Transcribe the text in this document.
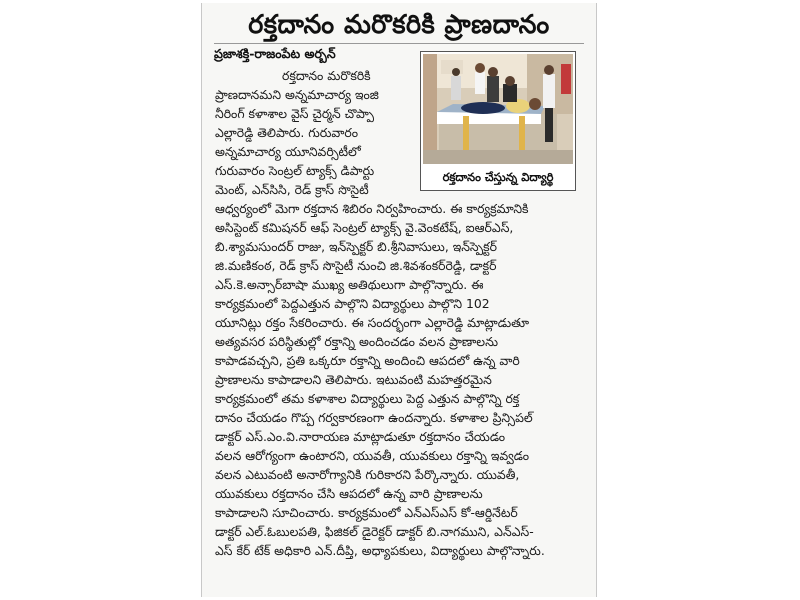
రక్తదానం మరొకరికి ప్రాణదానం
ప్రజాశక్తి-రాజంపేట అర్బన్
రక్తదానం చేస్తున్న విద్యార్థి
రక్తదానం మరొకరికి
ప్రాణదానమని అన్నమాచార్య ఇంజి
నీరింగ్ కళాశాల వైస్ చైర్మన్ చొప్పా
ఎల్లారెడ్డి తెలిపారు. గురువారం
అన్నమాచార్య యూనివర్సిటీలో
గురువారం సెంట్రల్ ట్యాక్స్ డిపార్టు
మెంట్, ఎన్‌సిసి, రెడ్ క్రాస్ సొసైటీ
ఆధ్వర్యంలో మెగా రక్తదాన శిబిరం నిర్వహించారు. ఈ కార్యక్రమానికి
అసిస్టెంట్ కమిషనర్ ఆఫ్ సెంట్రల్ ట్యాక్స్ వై.వెంకటేష్, ఐఆర్ఎస్,
బి.శ్యామసుందర్ రాజు, ఇన్‌స్పెక్టర్ బి.శ్రీనివాసులు, ఇన్‌స్పెక్టర్
జి.మణికంఠ, రెడ్ క్రాస్ సొసైటీ నుంచి జి.శివశంకర్‌రెడ్డి, డాక్టర్
ఎస్.కె.అన్సార్‌బాషా ముఖ్య అతిథులుగా పాల్గొన్నారు. ఈ
కార్యక్రమంలో పెద్దఎత్తున పాల్గొని విద్యార్థులు పాల్గొని 102
యూనిట్లు రక్తం సేకరించారు. ఈ సందర్భంగా ఎల్లారెడ్డి మాట్లాడుతూ
అత్యవసర పరిస్థితుల్లో రక్తాన్ని అందించడం వలన ప్రాణాలను
కాపాడవచ్చని, ప్రతి ఒక్కరూ రక్తాన్ని అందించి ఆపదలో ఉన్న వారి
ప్రాణాలను కాపాడాలని తెలిపారు. ఇటువంటి మహత్తరమైన
కార్యక్రమంలో తమ కళాశాల విద్యార్థులు పెద్ద ఎత్తున పాల్గొన్ని రక్త
దానం చేయడం గొప్ప గర్వకారణంగా ఉందన్నారు. కళాశాల ప్రిన్సిపల్
డాక్టర్ ఎస్.ఎం.వి.నారాయణ మాట్లాడుతూ రక్తదానం చేయడం
వలన ఆరోగ్యంగా ఉంటారని, యువతీ, యువకులు రక్తాన్ని ఇవ్వడం
వలన ఎటువంటి అనారోగ్యానికి గురికారని పేర్కొన్నారు. యువతీ,
యువకులు రక్తదానం చేసి ఆపదలో ఉన్న వారి ప్రాణాలను
కాపాడాలని సూచించారు. కార్యక్రమంలో ఎన్ఎస్ఎస్ కో-ఆర్డినేటర్
డాక్టర్ ఎల్.ఓబులపతి, ఫిజికల్ డైరెక్టర్ డాక్టర్ బి.నాగముని, ఎన్ఎస్-
ఎస్ కేర్ టేక్ అధికారి ఎన్.దీప్తి, అధ్యాపకులు, విద్యార్థులు పాల్గొన్నారు.
